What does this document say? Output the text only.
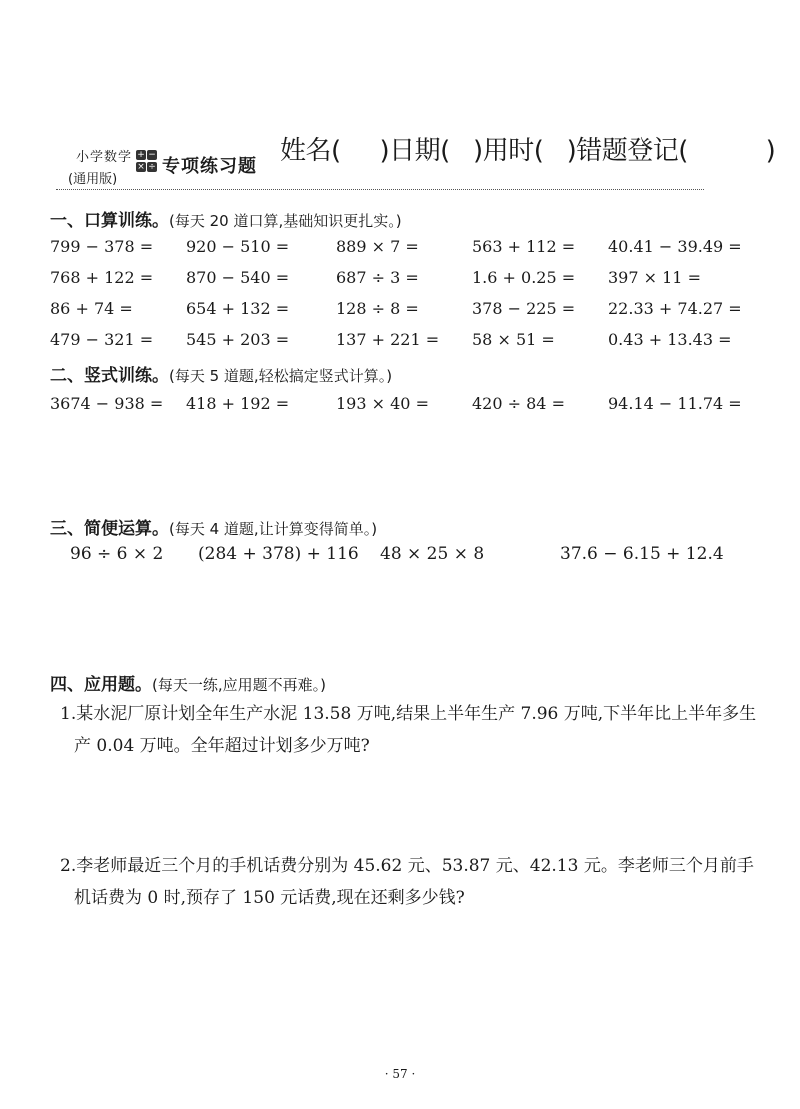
小学数学
(通用版)
+ −
× ÷ 专项练习题
姓名(     )日期(   )用时(   )错题登记(          )
一、口算训练。(每天 20 道口算,基础知识更扎实。)
799 − 378 = 920 − 510 =	889 × 7 =	563 + 112 = 40.41 − 39.49 =
768 + 122 = 870 − 540 =	687 ÷ 3 =	1.6 + 0.25 = 397 × 11 =
86 + 74 =	654 + 132 =	128 ÷ 8 =	378 − 225 = 22.33 + 74.27 =
479 − 321 = 545 + 203 =	137 + 221 = 58 × 51 =	0.43 + 13.43 =
二、竖式训练。(每天 5 道题,轻松搞定竖式计算。)
3674 − 938 = 418 + 192 =	193 × 40 =	420 ÷ 84 =	94.14 − 11.74 =
三、简便运算。(每天 4 道题,让计算变得简单。)
96 ÷ 6 × 2 (284 + 378) + 116 48 × 25 × 8	37.6 − 6.15 + 12.4
四、应用题。(每天一练,应用题不再难。)
1.某水泥厂原计划全年生产水泥 13.58 万吨,结果上半年生产 7.96 万吨,下半年比上半年多生产 0.04 万吨。全年超过计划多少万吨?
2.李老师最近三个月的手机话费分别为 45.62 元、53.87 元、42.13 元。李老师三个月前手机话费为 0 时,预存了 150 元话费,现在还剩多少钱?
· 57 ·
